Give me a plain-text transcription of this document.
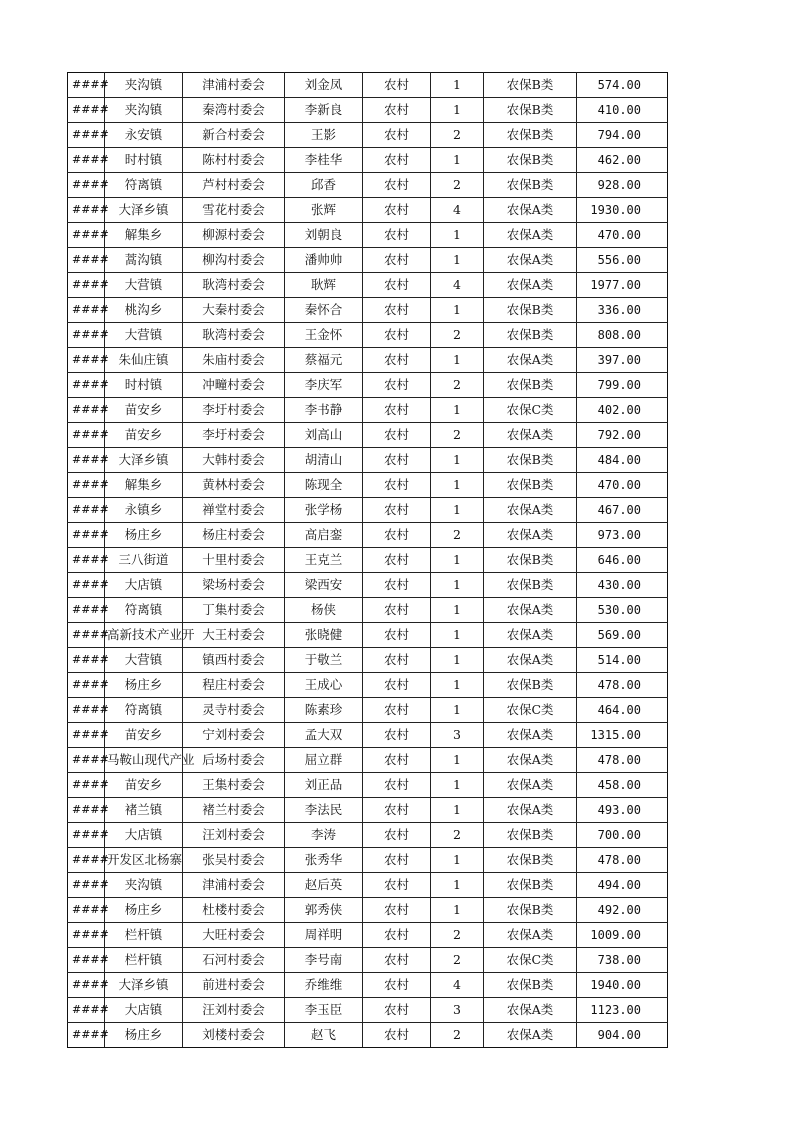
####	夹沟镇	津浦村委会	刘金凤	农村	1	农保B类	574.00
####	夹沟镇	秦湾村委会	李新良	农村	1	农保B类	410.00
####	永安镇	新合村委会	王影	农村	2	农保B类	794.00
####	时村镇	陈村村委会	李桂华	农村	1	农保B类	462.00
####	符离镇	芦村村委会	邱香	农村	2	农保B类	928.00
####	大泽乡镇	雪花村委会	张辉	农村	4	农保A类	1930.00
####	解集乡	柳源村委会	刘朝良	农村	1	农保A类	470.00
####	蒿沟镇	柳沟村委会	潘帅帅	农村	1	农保A类	556.00
####	大营镇	耿湾村委会	耿辉	农村	4	农保A类	1977.00
####	桃沟乡	大秦村委会	秦怀合	农村	1	农保B类	336.00
####	大营镇	耿湾村委会	王金怀	农村	2	农保B类	808.00
####	朱仙庄镇	朱庙村委会	蔡福元	农村	1	农保A类	397.00
####	时村镇	冲疃村委会	李庆军	农村	2	农保B类	799.00
####	苗安乡	李圩村委会	李书静	农村	1	农保C类	402.00
####	苗安乡	李圩村委会	刘高山	农村	2	农保A类	792.00
####	大泽乡镇	大韩村委会	胡清山	农村	1	农保B类	484.00
####	解集乡	黄林村委会	陈现全	农村	1	农保B类	470.00
####	永镇乡	禅堂村委会	张学杨	农村	1	农保A类	467.00
####	杨庄乡	杨庄村委会	高启銮	农村	2	农保A类	973.00
####	三八街道	十里村委会	王克兰	农村	1	农保B类	646.00
####	大店镇	梁场村委会	梁西安	农村	1	农保B类	430.00
####	符离镇	丁集村委会	杨侠	农村	1	农保A类	530.00
####	高新技术产业开	大王村委会	张晓健	农村	1	农保A类	569.00
####	大营镇	镇西村委会	于敬兰	农村	1	农保A类	514.00
####	杨庄乡	程庄村委会	王成心	农村	1	农保B类	478.00
####	符离镇	灵寺村委会	陈素珍	农村	1	农保C类	464.00
####	苗安乡	宁刘村委会	孟大双	农村	3	农保A类	1315.00
####	马鞍山现代产业	后场村委会	屈立群	农村	1	农保A类	478.00
####	苗安乡	王集村委会	刘正品	农村	1	农保A类	458.00
####	褚兰镇	褚兰村委会	李法民	农村	1	农保A类	493.00
####	大店镇	汪刘村委会	李涛	农村	2	农保B类	700.00
####	开发区北杨寨	张吴村委会	张秀华	农村	1	农保B类	478.00
####	夹沟镇	津浦村委会	赵后英	农村	1	农保B类	494.00
####	杨庄乡	杜楼村委会	郭秀侠	农村	1	农保B类	492.00
####	栏杆镇	大旺村委会	周祥明	农村	2	农保A类	1009.00
####	栏杆镇	石河村委会	李号南	农村	2	农保C类	738.00
####	大泽乡镇	前进村委会	乔维维	农村	4	农保B类	1940.00
####	大店镇	汪刘村委会	李玉臣	农村	3	农保A类	1123.00
####	杨庄乡	刘楼村委会	赵飞	农村	2	农保A类	904.00
